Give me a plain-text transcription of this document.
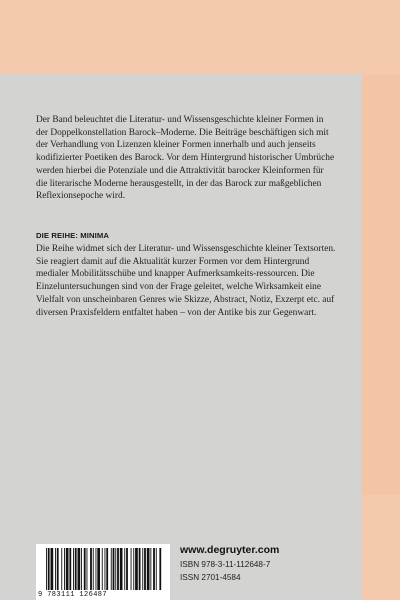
Der Band beleuchtet die Literatur- und Wissensgeschichte kleiner Formen in der Doppelkonstellation Barock–Moderne. Die Beiträge beschäftigen sich mit der Verhandlung von Lizenzen kleiner Formen innerhalb und auch jenseits kodifizierter Poetiken des Barock. Vor dem Hintergrund historischer Umbrüche werden hierbei die Potenziale und die Attraktivität barocker Kleinformen für die literarische Moderne herausgestellt, in der das Barock zur maßgeblichen Reflexionsepoche wird.
DIE REIHE: MINIMA
Die Reihe widmet sich der Literatur- und Wissensgeschichte kleiner Textsorten. Sie reagiert damit auf die Aktualität kurzer Formen vor dem Hintergrund medialer Mobilitätsschübe und knapper Aufmerksamkeits-ressourcen. Die Einzeluntersuchungen sind von der Frage geleitet, welche Wirksamkeit eine Vielfalt von unscheinbaren Genres wie Skizze, Abstract, Notiz, Exzerpt etc. auf diversen Praxisfeldern entfaltet haben – von der Antike bis zur Gegenwart.
9 783111 126487
www.degruyter.com
ISBN 978-3-11-112648-7
ISSN 2701-4584
